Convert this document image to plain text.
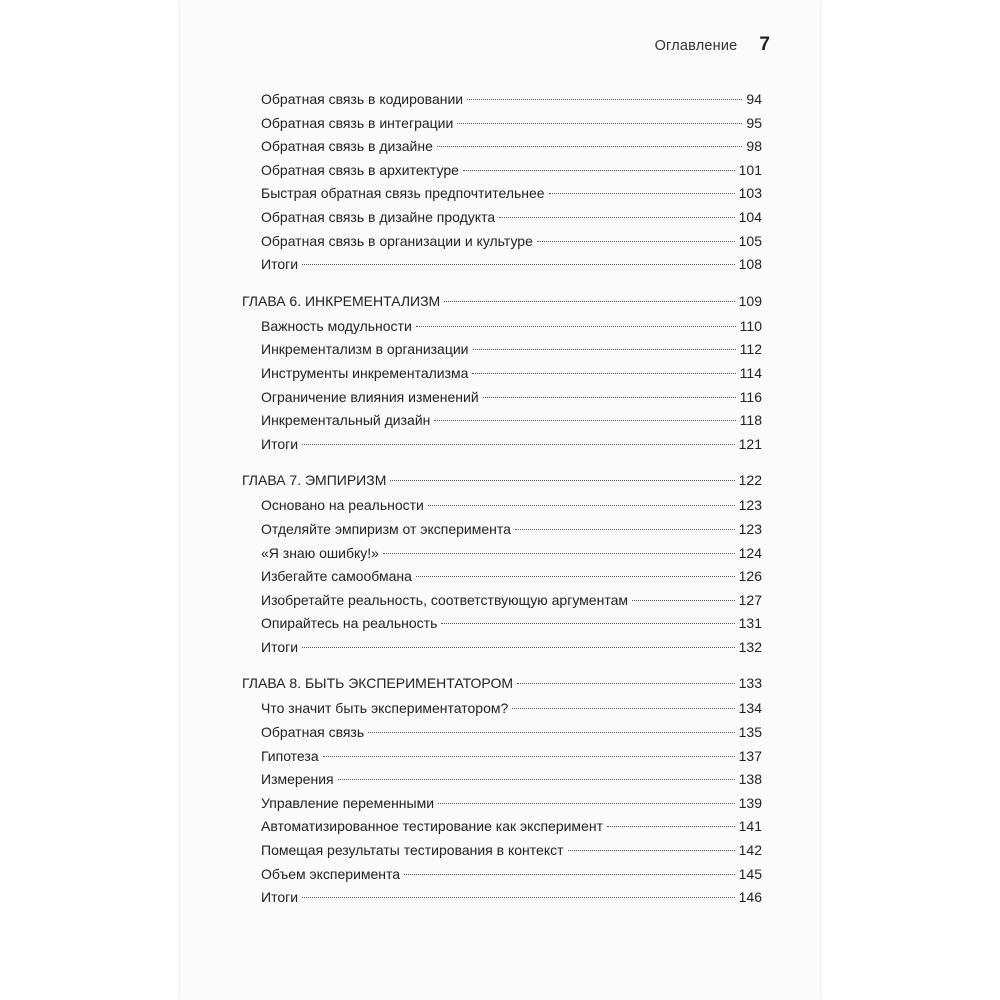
Оглавление 7
Обратная связь в кодировании	94
Обратная связь в интеграции	95
Обратная связь в дизайне	98
Обратная связь в архитектуре	101
Быстрая обратная связь предпочтительнее	103
Обратная связь в дизайне продукта	104
Обратная связь в организации и культуре	105
Итоги	108
ГЛАВА 6. ИНКРЕМЕНТАЛИЗМ	109
Важность модульности	110
Инкрементализм в организации	112
Инструменты инкрементализма	114
Ограничение влияния изменений	116
Инкрементальный дизайн	118
Итоги	121
ГЛАВА 7. ЭМПИРИЗМ	122
Основано на реальности	123
Отделяйте эмпиризм от эксперимента	123
«Я знаю ошибку!»	124
Избегайте самообмана	126
Изобретайте реальность, соответствующую аргументам	127
Опирайтесь на реальность	131
Итоги	132
ГЛАВА 8. БЫТЬ ЭКСПЕРИМЕНТАТОРОМ	133
Что значит быть экспериментатором?	134
Обратная связь	135
Гипотеза	137
Измерения	138
Управление переменными	139
Автоматизированное тестирование как эксперимент	141
Помещая результаты тестирования в контекст	142
Объем эксперимента	145
Итоги	146
